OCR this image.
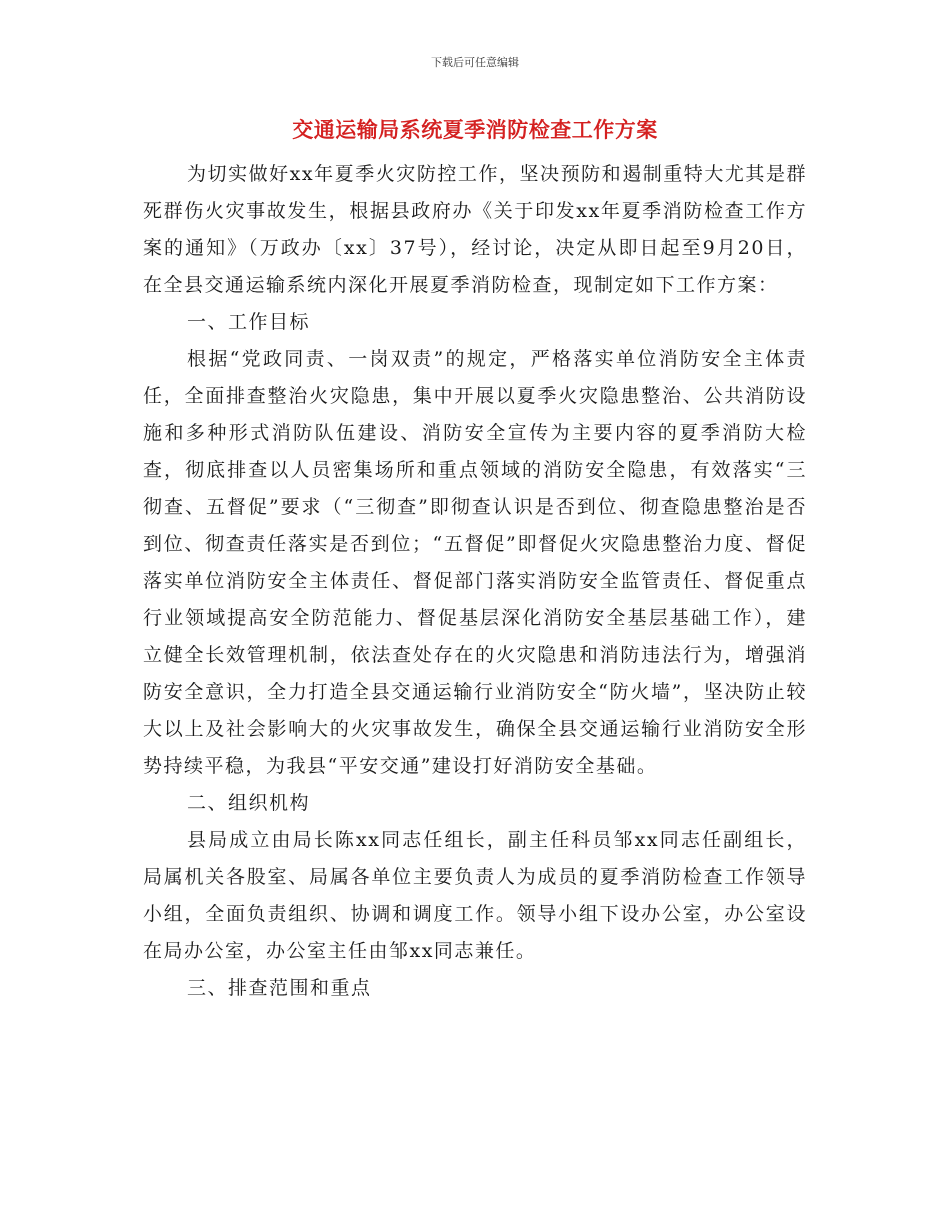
下载后可任意编辑
交通运输局系统夏季消防检查工作方案

为切实做好xx年夏季火灾防控工作，坚决预防和遏制重特大尤其是群死群伤火灾事故发生，根据县政府办《关于印发xx年夏季消防检查工作方案的通知》（万政办〔xx〕37号），经讨论，决定从即日起至9月20日，在全县交通运输系统内深化开展夏季消防检查，现制定如下工作方案：

一、工作目标

根据“党政同责、一岗双责”的规定，严格落实单位消防安全主体责任，全面排查整治火灾隐患，集中开展以夏季火灾隐患整治、公共消防设施和多种形式消防队伍建设、消防安全宣传为主要内容的夏季消防大检查，彻底排查以人员密集场所和重点领域的消防安全隐患，有效落实“三彻查、五督促”要求（“三彻查”即彻查认识是否到位、彻查隐患整治是否到位、彻查责任落实是否到位；“五督促”即督促火灾隐患整治力度、督促落实单位消防安全主体责任、督促部门落实消防安全监管责任、督促重点行业领域提高安全防范能力、督促基层深化消防安全基层基础工作），建立健全长效管理机制，依法查处存在的火灾隐患和消防违法行为，增强消防安全意识，全力打造全县交通运输行业消防安全“防火墙”，坚决防止较大以上及社会影响大的火灾事故发生，确保全县交通运输行业消防安全形势持续平稳，为我县“平安交通”建设打好消防安全基础。

二、组织机构

县局成立由局长陈xx同志任组长，副主任科员邹xx同志任副组长，局属机关各股室、局属各单位主要负责人为成员的夏季消防检查工作领导小组，全面负责组织、协调和调度工作。领导小组下设办公室，办公室设在局办公室，办公室主任由邹xx同志兼任。

三、排查范围和重点
